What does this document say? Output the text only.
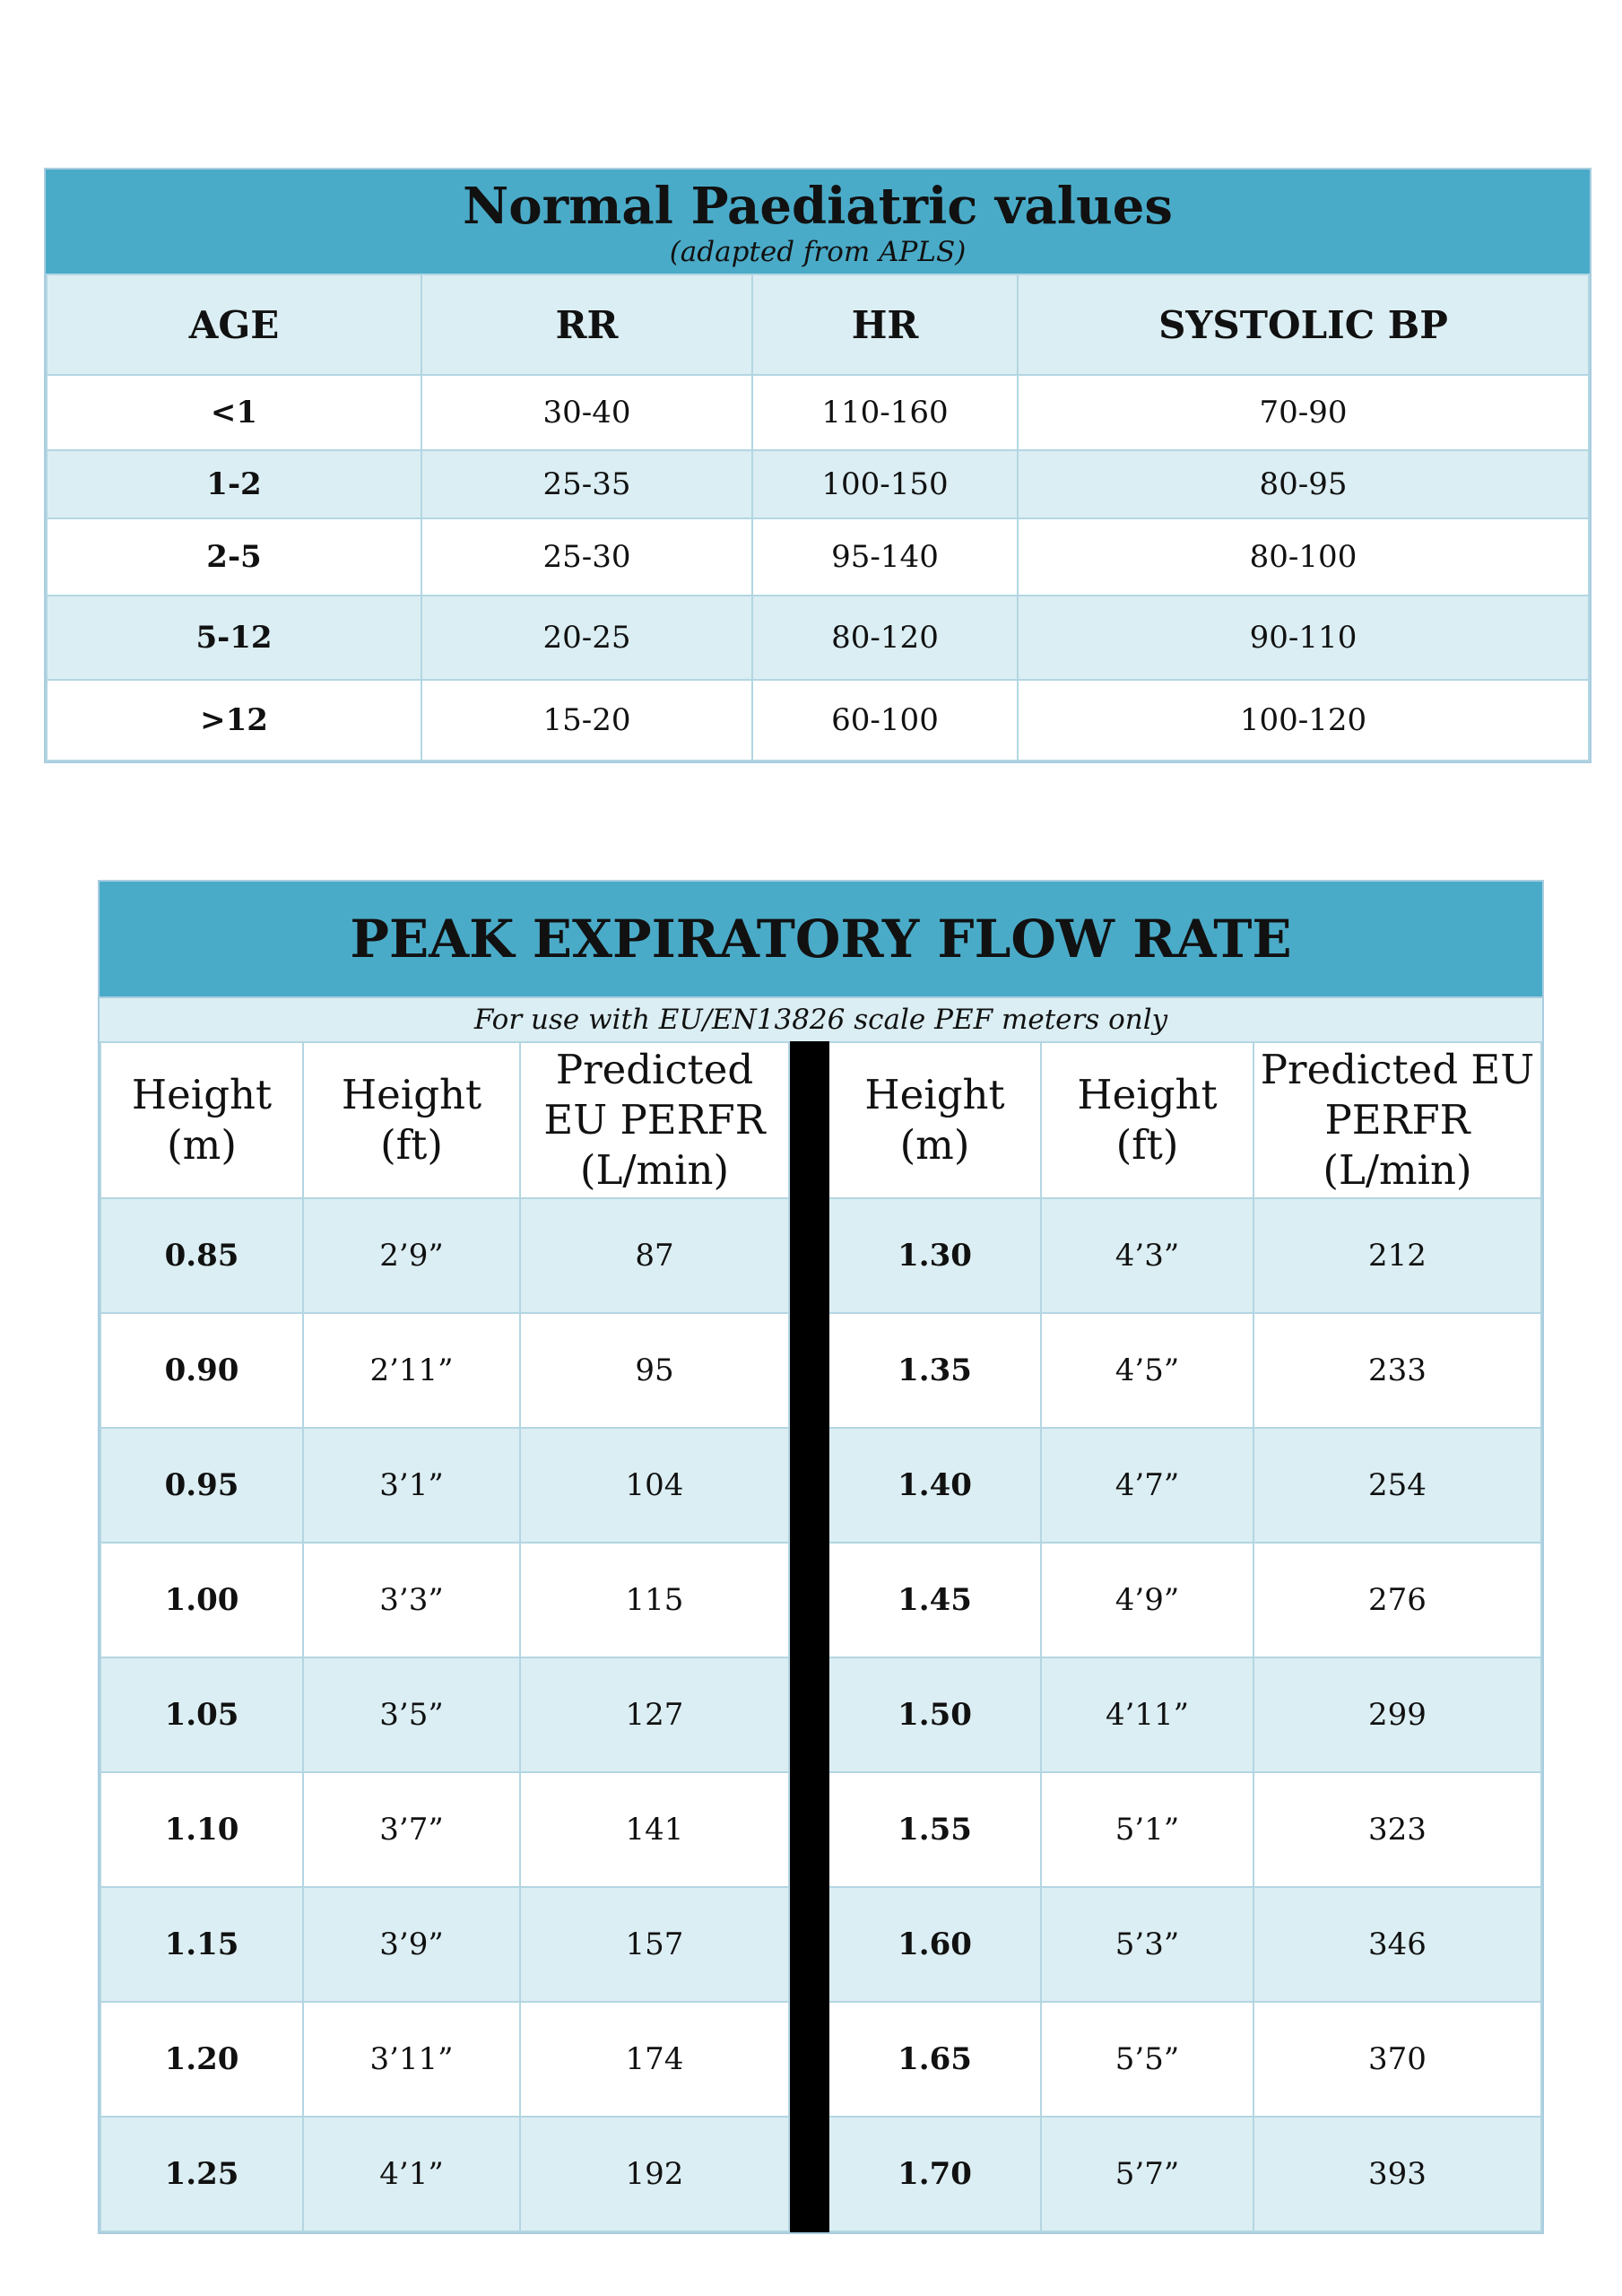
Normal Paediatric values
(adapted from APLS)
AGE	RR	HR	SYSTOLIC BP
<1	30-40	110-160	70-90
1-2	25-35	100-150	80-95
2-5	25-30	95-140	80-100
5-12	20-25	80-120	90-110
>12	15-20	60-100	100-120
PEAK EXPIRATORY FLOW RATE
For use with EU/EN13826 scale PEF meters only
Height (m)	Height (ft)	Predicted EU PERFR (L/min)		Height (m)	Height (ft)	Predicted EU PERFR (L/min)
0.85	2’9”	87		1.30	4’3”	212
0.90	2’11”	95		1.35	4’5”	233
0.95	3’1”	104		1.40	4’7”	254
1.00	3’3”	115		1.45	4’9”	276
1.05	3’5”	127		1.50	4’11”	299
1.10	3’7”	141		1.55	5’1”	323
1.15	3’9”	157		1.60	5’3”	346
1.20	3’11”	174		1.65	5’5”	370
1.25	4’1”	192		1.70	5’7”	393
